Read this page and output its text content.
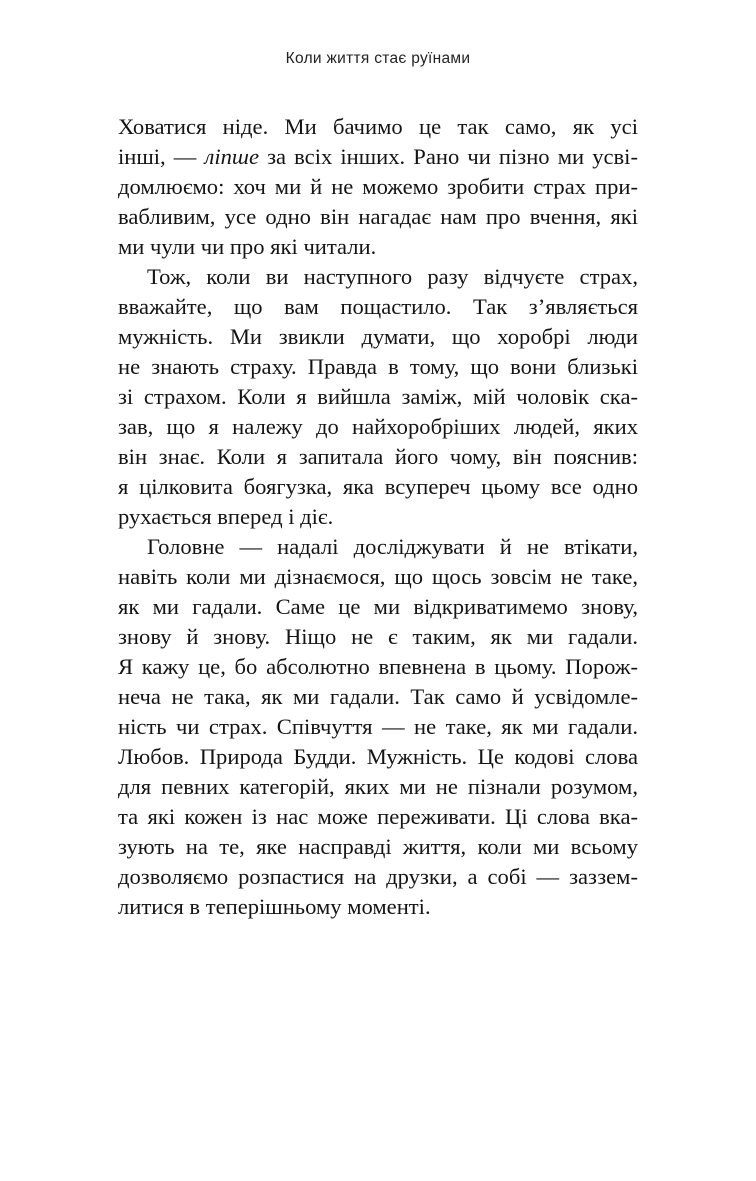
Коли життя стає руїнами

Ховатися ніде. Ми бачимо це так само, як усі
інші, — ліпше за всіх інших. Рано чи пізно ми усві-
домлюємо: хоч ми й не можемо зробити страх при-
вабливим, усе одно він нагадає нам про вчення, які
ми чули чи про які читали.

Тож, коли ви наступного разу відчуєте страх,
вважайте, що вам пощастило. Так з’являється
мужність. Ми звикли думати, що хоробрі люди
не знають страху. Правда в тому, що вони близькі
зі страхом. Коли я вийшла заміж, мій чоловік ска-
зав, що я належу до найхоробріших людей, яких
він знає. Коли я запитала його чому, він пояснив:
я цілковита боягузка, яка всупереч цьому все одно
рухається вперед і діє.

Головне — надалі досліджувати й не втікати,
навіть коли ми дізнаємося, що щось зовсім не таке,
як ми гадали. Саме це ми відкриватимемо знову,
знову й знову. Ніщо не є таким, як ми гадали.
Я кажу це, бо абсолютно впевнена в цьому. Порож-
неча не така, як ми гадали. Так само й усвідомле-
ність чи страх. Співчуття — не таке, як ми гадали.
Любов. Природа Будди. Мужність. Це кодові слова
для певних категорій, яких ми не пізнали розумом,
та які кожен із нас може переживати. Ці слова вка-
зують на те, яке насправді життя, коли ми всьому
дозволяємо розпастися на друзки, а собі — заззем-
литися в теперішньому моменті.
